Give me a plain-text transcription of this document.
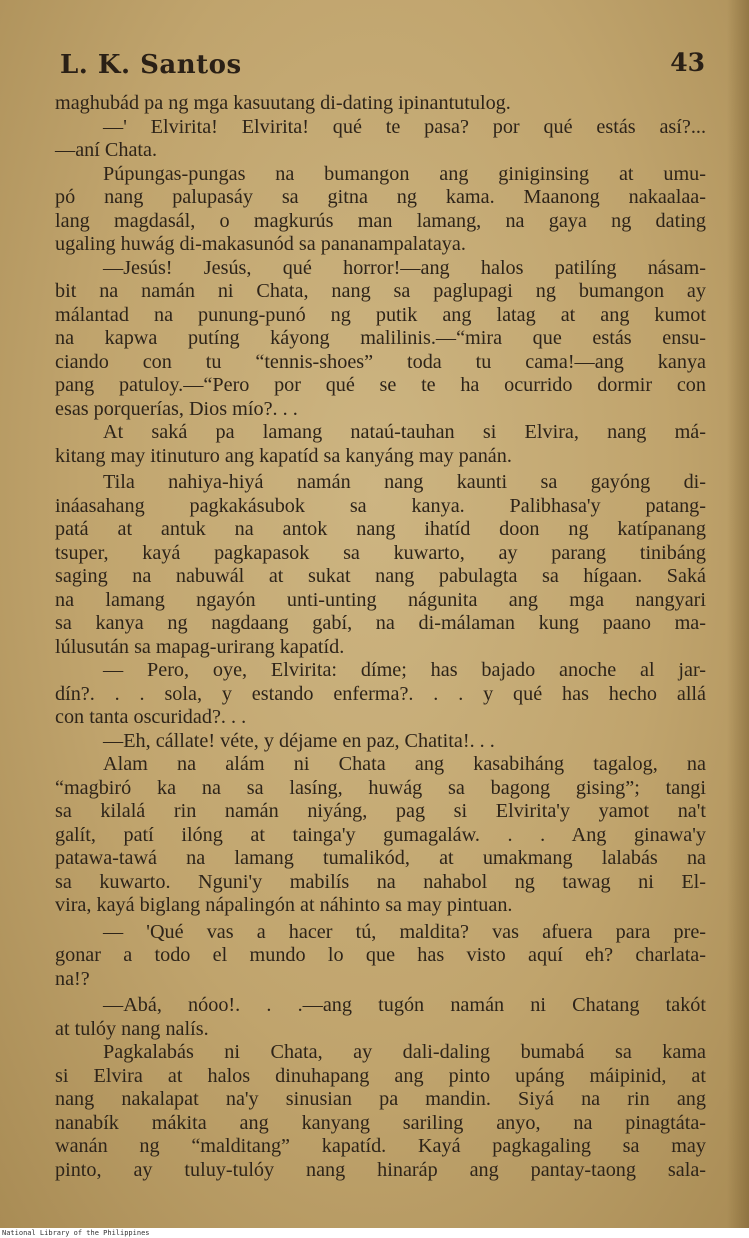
L. K. Santos	43
maghubád pa ng mga kasuutang di-dating ipinantutulog.
—' Elvirita! Elvirita! qué te pasa? por qué estás así?...
—aní Chata.
Púpungas-pungas na bumangon ang giniginsing at umu-
pó nang palupasáy sa gitna ng kama. Maanong nakaalaa-
lang magdasál, o magkurús man lamang, na gaya ng dating
ugaling huwág di-makasunód sa pananampalataya.
—Jesús! Jesús, qué horror!—ang halos patilíng násam-
bit na namán ni Chata, nang sa paglupagi ng bumangon ay
málantad na punung-punó ng putik ang latag at ang kumot
na kapwa putíng káyong malilinis.—“mira que estás ensu-
ciando con tu “tennis-shoes” toda tu cama!—ang kanya
pang patuloy.—“Pero por qué se te ha ocurrido dormir con
esas porquerías, Dios mío?. . .
At saká pa lamang nataú-tauhan si Elvira, nang má-
kitang may itinuturo ang kapatíd sa kanyáng may panán.
Tila nahiya-hiyá namán nang kaunti sa gayóng di-
ináasahang pagkakásubok sa kanya. Palibhasa'y patang-
patá at antuk na antok nang ihatíd doon ng katípanang
tsuper, kayá pagkapasok sa kuwarto, ay parang tinibáng
saging na nabuwál at sukat nang pabulagta sa hígaan. Saká
na lamang ngayón unti-unting nágunita ang mga nangyari
sa kanya ng nagdaang gabí, na di-málaman kung paano ma-
lúlusután sa mapag-urirang kapatíd.
— Pero, oye, Elvirita: díme; has bajado anoche al jar-
dín?. . . sola, y estando enferma?. . . y qué has hecho allá
con tanta oscuridad?. . .
—Eh, cállate! véte, y déjame en paz, Chatita!. . .
Alam na alám ni Chata ang kasabiháng tagalog, na
“magbiró ka na sa lasíng, huwág sa bagong gising”; tangi
sa kilalá rin namán niyáng, pag si Elvirita'y yamot na't
galít, patí ilóng at tainga'y gumagaláw. . . Ang ginawa'y
patawa-tawá na lamang tumalikód, at umakmang lalabás na
sa kuwarto. Nguni'y mabilís na nahabol ng tawag ni El-
vira, kayá biglang nápalingón at náhinto sa may pintuan.
— 'Qué vas a hacer tú, maldita? vas afuera para pre-
gonar a todo el mundo lo que has visto aquí eh? charlata-
na!?
—Abá, nóoo!. . .—ang tugón namán ni Chatang takót
at tulóy nang nalís.
Pagkalabás ni Chata, ay dali-daling bumabá sa kama
si Elvira at halos dinuhapang ang pinto upáng máipinid, at
nang nakalapat na'y sinusian pa mandin. Siyá na rin ang
nanabík mákita ang kanyang sariling anyo, na pinagtáta-
wanán ng “malditang” kapatíd. Kayá pagkagaling sa may
pinto, ay tuluy-tulóy nang hinaráp ang pantay-taong sala-
National Library of the Philippines
